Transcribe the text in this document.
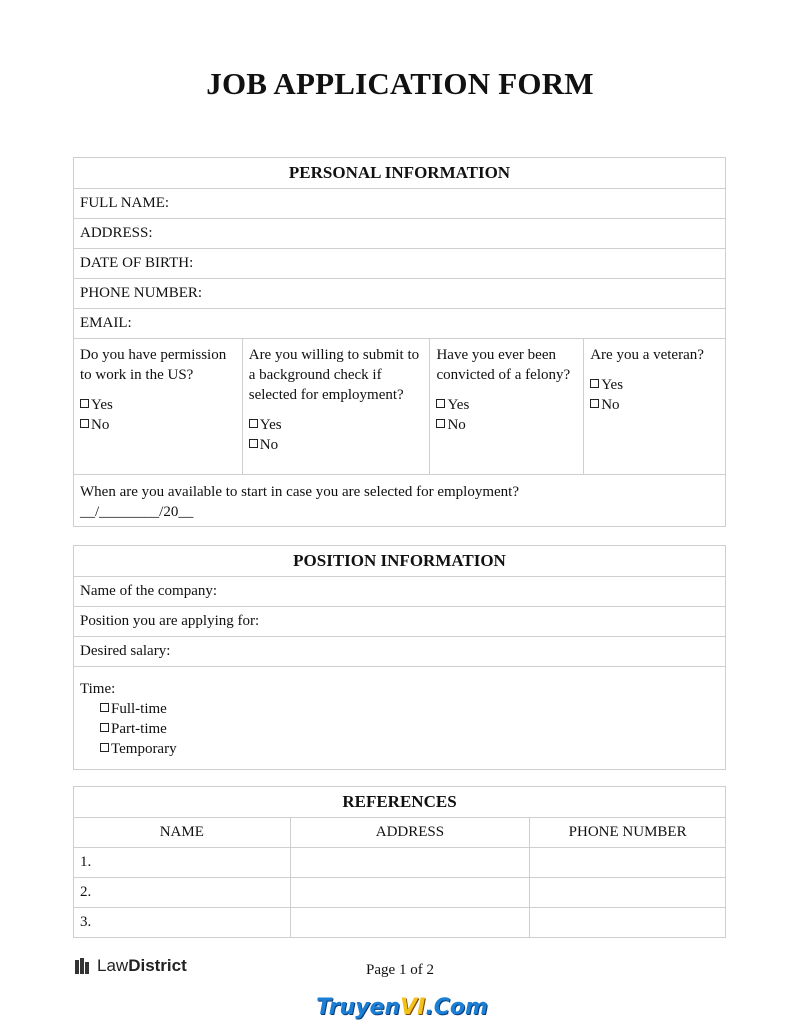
JOB APPLICATION FORM
PERSONAL INFORMATION
FULL NAME:
ADDRESS:
DATE OF BIRTH:
PHONE NUMBER:
EMAIL:

Do you have permission to work in the US?
Yes
No

Are you willing to submit to a background check if selected for employment?
Yes
No

Have you ever been convicted of a felony?
Yes
No

Are you a veteran?
Yes
No

When are you available to start in case you are selected for employment?
__/________/20__
POSITION INFORMATION
Name of the company:
Position you are applying for:
Desired salary:

Time:
Full-time
Part-time
Temporary
REFERENCES		
NAME	ADDRESS	PHONE NUMBER
1.		
2.		
3.		
Law District	Page 1 of 2
Truyen VI .Com
